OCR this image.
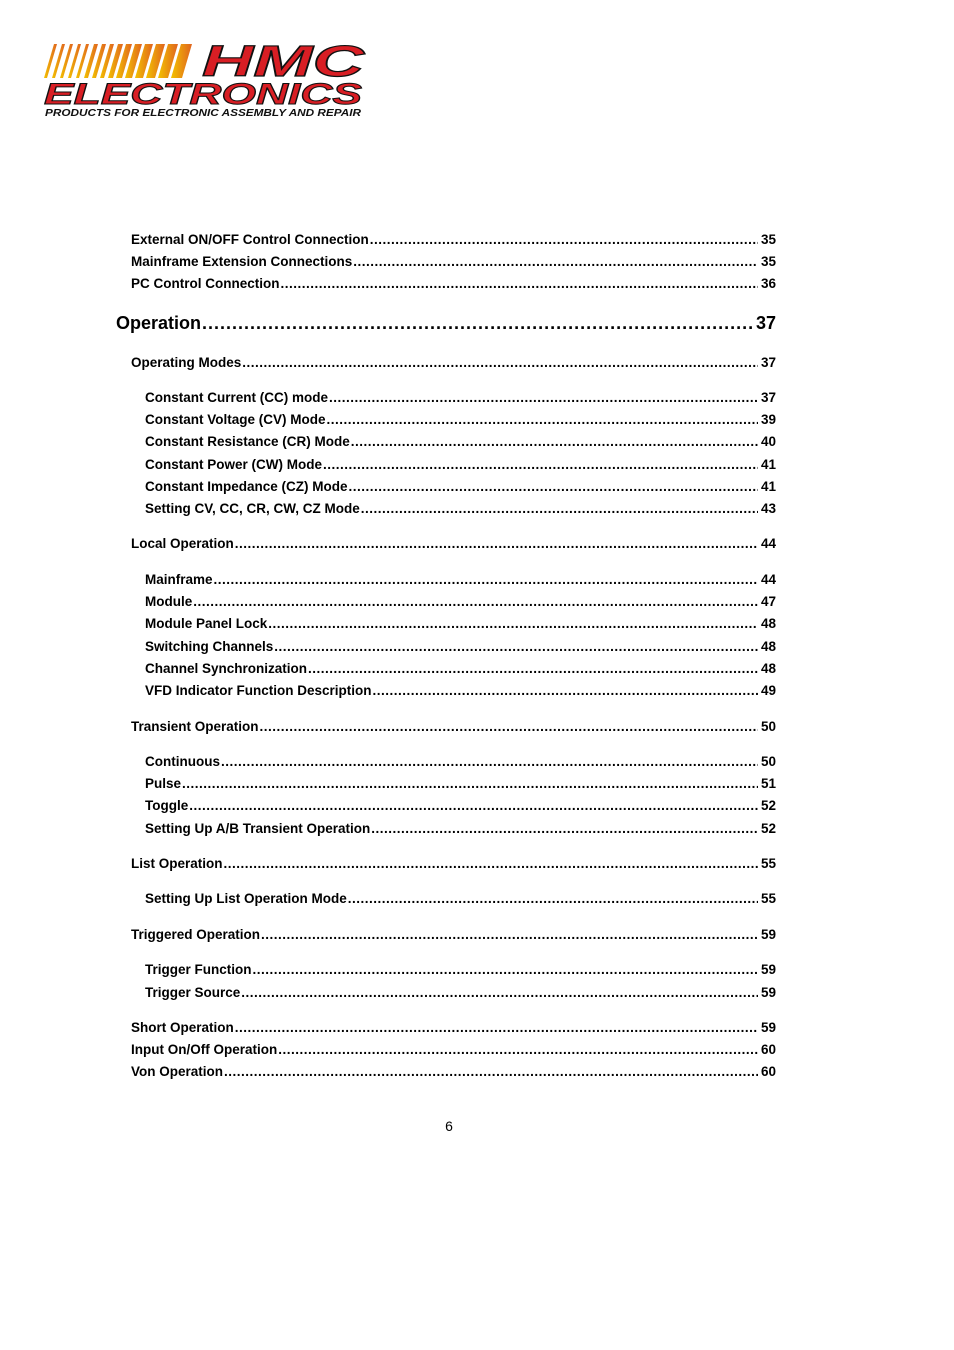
HMC
ELECTRONICS
PRODUCTS FOR ELECTRONIC ASSEMBLY AND REPAIR
External ON/OFF Control Connection .....	35
Mainframe Extension Connections .....	35
PC Control Connection .....	36
Operation .....	37
Operating Modes .....	37
Constant Current (CC) mode .....	37
Constant Voltage (CV) Mode .....	39
Constant Resistance (CR) Mode .....	40
Constant Power (CW) Mode .....	41
Constant Impedance (CZ) Mode .....	41
Setting CV, CC, CR, CW, CZ Mode .....	43
Local Operation .....	44
Mainframe .....	44
Module .....	47
Module Panel Lock .....	48
Switching Channels .....	48
Channel Synchronization .....	48
VFD Indicator Function Description .....	49
Transient Operation .....	50
Continuous .....	50
Pulse .....	51
Toggle .....	52
Setting Up A/B Transient Operation .....	52
List Operation .....	55
Setting Up List Operation Mode .....	55
Triggered Operation .....	59
Trigger Function .....	59
Trigger Source .....	59
Short Operation .....	59
Input On/Off Operation .....	60
Von Operation .....	60
6
